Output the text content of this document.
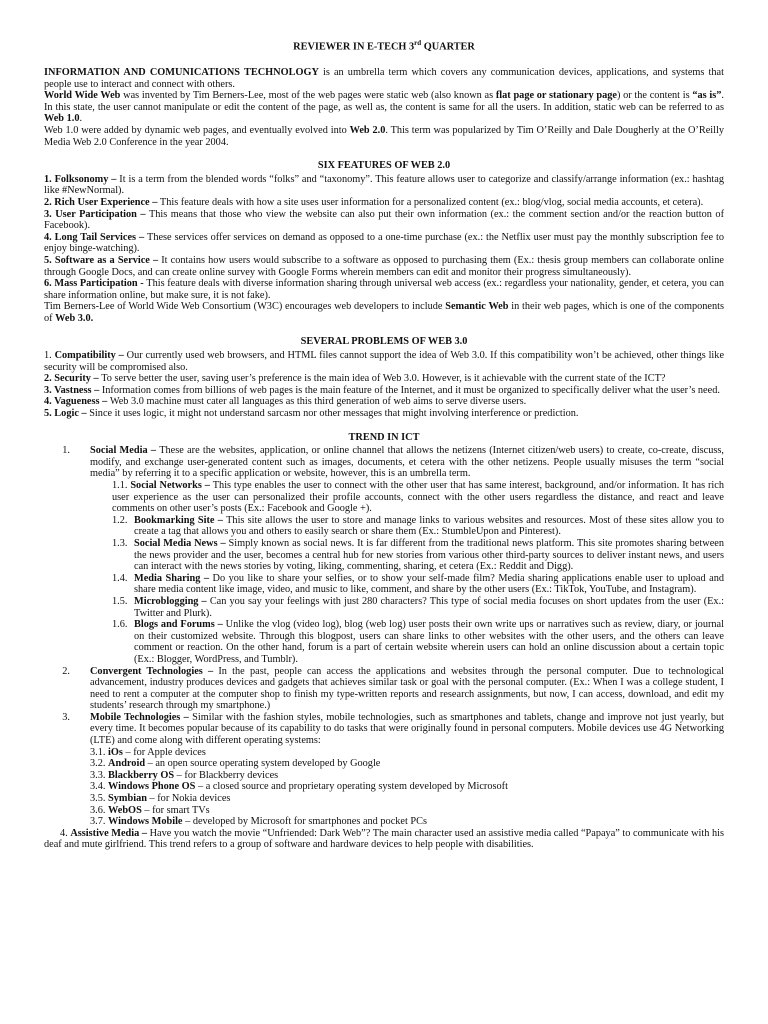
REVIEWER IN E-TECH 3rd QUARTER

INFORMATION AND COMUNICATIONS TECHNOLOGY is an umbrella term which covers any communication devices, applications, and systems that people use to interact and connect with others.

World Wide Web was invented by Tim Berners-Lee, most of the web pages were static web (also known as flat page or stationary page) or the content is “as is”. In this state, the user cannot manipulate or edit the content of the page, as well as, the content is same for all the users. In addition, static web can be referred to as Web 1.0.

Web 1.0 were added by dynamic web pages, and eventually evolved into Web 2.0. This term was popularized by Tim O’Reilly and Dale Dougherly at the O’Reilly Media Web 2.0 Conference in the year 2004.

SIX FEATURES OF WEB 2.0

1. Folksonomy – It is a term from the blended words “folks” and “taxonomy”. This feature allows user to categorize and classify/arrange information (ex.: hashtag like #NewNormal).

2. Rich User Experience – This feature deals with how a site uses user information for a personalized content (ex.: blog/vlog, social media accounts, et cetera).

3. User Participation – This means that those who view the website can also put their own information (ex.: the comment section and/or the reaction button of Facebook).

4. Long Tail Services – These services offer services on demand as opposed to a one-time purchase (ex.: the Netflix user must pay the monthly subscription fee to enjoy binge-watching).

5. Software as a Service – It contains how users would subscribe to a software as opposed to purchasing them (Ex.: thesis group members can collaborate online through Google Docs, and can create online survey with Google Forms wherein members can edit and monitor their progress simultaneously).

6. Mass Participation - This feature deals with diverse information sharing through universal web access (ex.: regardless your nationality, gender, et cetera, you can share information online, but make sure, it is not fake).

Tim Berners-Lee of World Wide Web Consortium (W3C) encourages web developers to include Semantic Web in their web pages, which is one of the components of Web 3.0.

SEVERAL PROBLEMS OF WEB 3.0

1. Compatibility – Our currently used web browsers, and HTML files cannot support the idea of Web 3.0. If this compatibility won’t be achieved, other things like security will be compromised also.

2. Security – To serve better the user, saving user’s preference is the main idea of Web 3.0. However, is it achievable with the current state of the ICT?

3. Vastness – Information comes from billions of web pages is the main feature of the Internet, and it must be organized to specifically deliver what the user’s need.

4. Vagueness – Web 3.0 machine must cater all languages as this third generation of web aims to serve diverse users.

5. Logic – Since it uses logic, it might not understand sarcasm nor other messages that might involving interference or prediction.

TREND IN ICT

1.	Social Media – These are the websites, application, or online channel that allows the netizens (Internet citizen/web users) to create, co-create, discuss, modify, and exchange user-generated content such as images, documents, et cetera with the other netizens. People usually misuses the term “social media” by referring it to a specific application or website, however, this is an umbrella term.

1.1. Social Networks – This type enables the user to connect with the other user that has same interest, background, and/or information. It has rich user experience as the user can personalized their profile accounts, connect with the other users regardless the distance, and react and leave comments on other user’s posts (Ex.: Facebook and Google +).

1.2. Bookmarking Site – This site allows the user to store and manage links to various websites and resources. Most of these sites allow you to create a tag that allows you and others to easily search or share them (Ex.: StumbleUpon and Pinterest).
1.3. Social Media News – Simply known as social news. It is far different from the traditional news platform. This site promotes sharing between the news provider and the user, becomes a central hub for new stories from various other third-party sources to deliver instant news, and users can interact with the news stories by voting, liking, commenting, sharing, et cetera (Ex.: Reddit and Digg).
1.4. Media Sharing – Do you like to share your selfies, or to show your self-made film? Media sharing applications enable user to upload and share media content like image, video, and music to like, comment, and share by the other users (Ex.: TikTok, YouTube, and Instagram).
1.5. Microblogging – Can you say your feelings with just 280 characters? This type of social media focuses on short updates from the user (Ex.: Twitter and Plurk).
1.6. Blogs and Forums – Unlike the vlog (video log), blog (web log) user posts their own write ups or narratives such as review, diary, or journal on their customized website. Through this blogpost, users can share links to other websites with the other users, and the others can leave comment or reaction. On the other hand, forum is a part of certain website wherein users can hold an online discussion about a certain topic (Ex.: Blogger, WordPress, and Tumblr).
2.	Convergent Technologies – In the past, people can access the applications and websites through the personal computer. Due to technological advancement, industry produces devices and gadgets that achieves similar task or goal with the personal computer. (Ex.: When I was a college student, I need to rent a computer at the computer shop to finish my type-written reports and research assignments, but now, I can access, download, and edit my students’ research through my smartphone.)
3.	Mobile Technologies – Similar with the fashion styles, mobile technologies, such as smartphones and tablets, change and improve not just yearly, but every time. It becomes popular because of its capability to do tasks that were originally found in personal computers. Mobile devices use 4G Networking (LTE) and come along with different operating systems:

3.1. iOs – for Apple devices

3.2. Android – an open source operating system developed by Google

3.3. Blackberry OS – for Blackberry devices

3.4. Windows Phone OS – a closed source and proprietary operating system developed by Microsoft

3.5. Symbian – for Nokia devices

3.6. WebOS – for smart TVs

3.7. Windows Mobile – developed by Microsoft for smartphones and pocket PCs

4. Assistive Media – Have you watch the movie “Unfriended: Dark Web”? The main character used an assistive media called “Papaya” to communicate with his deaf and mute girlfriend. This trend refers to a group of software and hardware devices to help people with disabilities.
